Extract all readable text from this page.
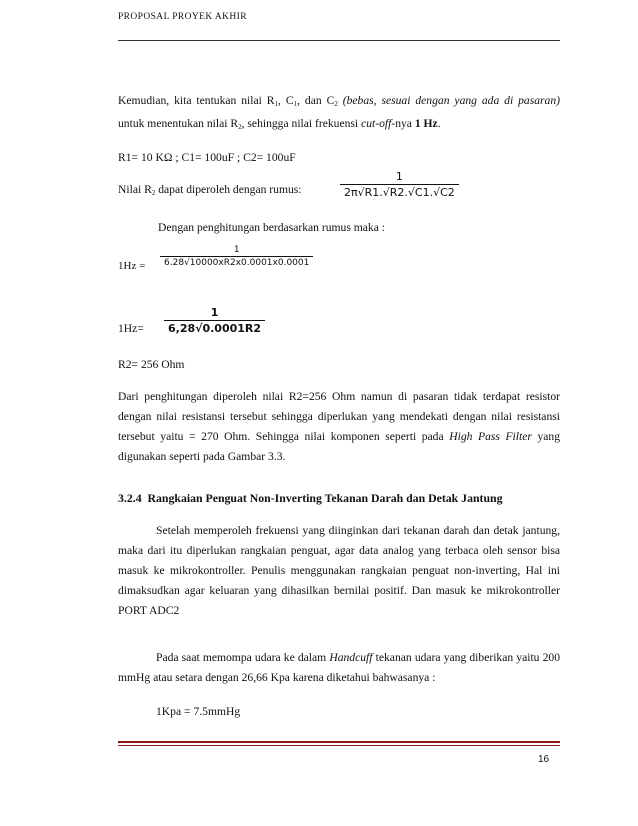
PROPOSAL PROYEK AKHIR
Kemudian, kita tentukan nilai $R_1$, $C_1$, dan $C_2$ (bebas, sesuai dengan yang ada di pasaran) untuk menentukan nilai $R_2$, sehingga nilai frekuensi cut-off-nya 1 Hz.
R1= 10 KΩ ; C1= 100uF ; C2= 100uF
Nilai $R_2$ dapat diperoleh dengan rumus:	$\frac{1}{2\pi√R1.√R2.√C1.√C2}$
Dengan penghitungan berdasarkan rumus maka :
$1Hz = \frac{1}{6.28√10000xR2x0.0001x0.0001}$
$1Hz= \frac{1}{6,28√0.0001R2}$
R2= 256 Ohm
Dari penghitungan diperoleh nilai R2=256 Ohm namun di pasaran tidak terdapat resistor dengan nilai resistansi tersebut sehingga diperlukan yang mendekati dengan nilai resistansi tersebut yaitu = 270 Ohm. Sehingga nilai komponen seperti pada High Pass Filter yang digunakan seperti pada Gambar 3.3.
3.2.4 Rangkaian Penguat Non-Inverting Tekanan Darah dan Detak Jantung
Setelah memperoleh frekuensi yang diinginkan dari tekanan darah dan detak jantung, maka dari itu diperlukan rangkaian penguat, agar data analog yang terbaca oleh sensor bisa masuk ke mikrokontroller. Penulis menggunakan rangkaian penguat non-inverting, Hal ini dimaksudkan agar keluaran yang dihasilkan bernilai positif. Dan masuk ke mikrokontroller PORT ADC2
Pada saat memompa udara ke dalam Handcuff tekanan udara yang diberikan yaitu 200 mmHg atau setara dengan 26,66 Kpa karena diketahui bahwasanya :
1Kpa = 7.5mmHg
16
